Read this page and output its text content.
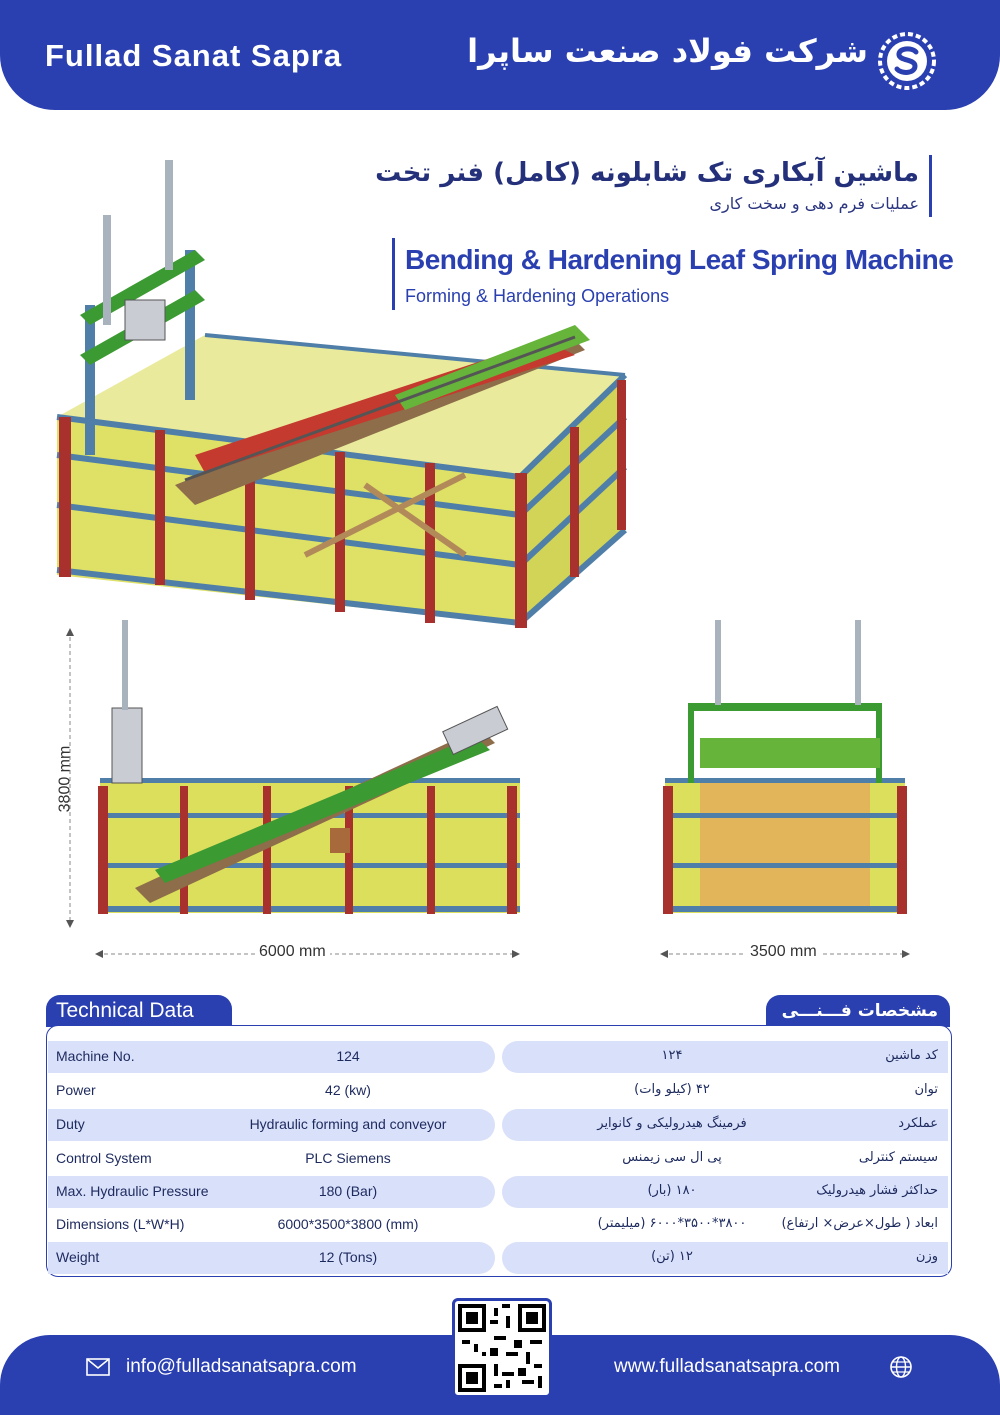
Fullad Sanat Sapra	شرکت فولاد صنعت ساپرا
ماشین آبکاری تک شابلونه (کامل) فنر تخت
عملیات فرم دهی و سخت کاری
Bending & Hardening Leaf Spring Machine
Forming & Hardening Operations
3800 mm
6000 mm	3500 mm
Technical Data	مشخصات فـــنـــی
Machine No.	124	۱۲۴	کد ماشین
Power	42 (kw)	۴۲ (کیلو وات)	توان
Duty	Hydraulic forming and conveyor	فرمینگ هیدرولیکی و کانوایر	عملکرد
Control System	PLC Siemens	پی ال سی زیمنس	سیستم کنترلی
Max. Hydraulic Pressure	180 (Bar)	۱۸۰ (بار)	حداکثر فشار هیدرولیک
Dimensions (L*W*H)	6000*3500*3800 (mm)	۳۸۰۰*۳۵۰۰*۶۰۰۰ (میلیمتر)	ابعاد ( طول×عرض× ارتفاع)
Weight	12 (Tons)	۱۲ (تن)	وزن
info@fulladsanatsapra.com	www.fulladsanatsapra.com
